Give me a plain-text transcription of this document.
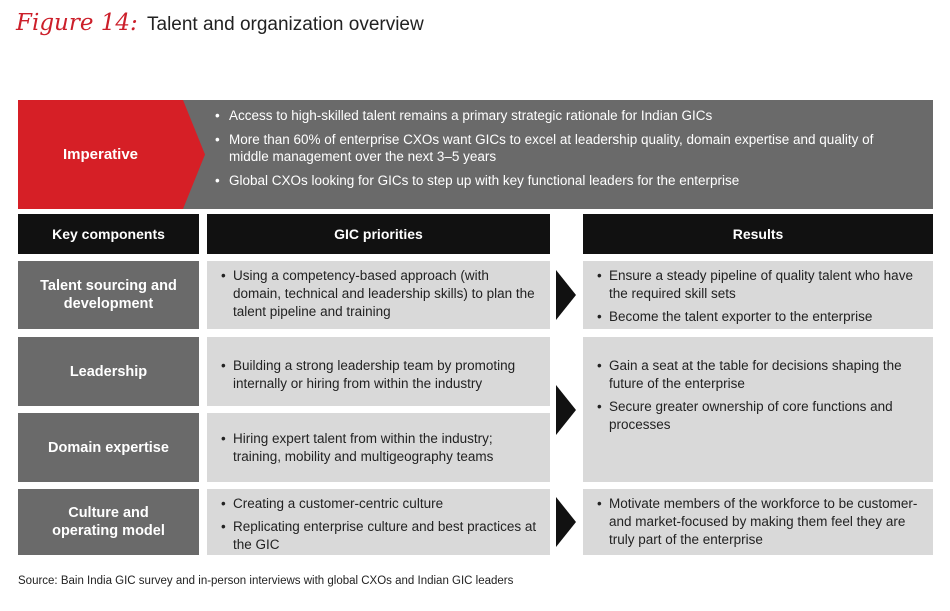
Figure 14: Talent and organization overview
Imperative
• Access to high-skilled talent remains a primary strategic rationale for Indian GICs
• More than 60% of enterprise CXOs want GICs to excel at leadership quality, domain expertise and quality of middle management over the next 3–5 years
• Global CXOs looking for GICs to step up with key functional leaders for the enterprise
Key components	GIC priorities	Results
Talent sourcing and development
• Using a competency-based approach (with domain, technical and leadership skills) to plan the talent pipeline and training
Leadership
•	Building a strong leadership team by promoting internally or hiring from within the industry
Domain expertise
• Hiring expert talent from within the industry; training, mobility and multigeography teams
Culture and operating model
• Creating a customer-centric culture
• Replicating enterprise culture and best practices at the GIC
• Ensure a steady pipeline of quality talent who have the required skill sets
• Become the talent exporter to the enterprise
• Gain a seat at the table for decisions shaping the future of the enterprise
• Secure greater ownership of core functions and processes
• Motivate members of the workforce to be customer- and market-focused by making them feel they are truly part of the enterprise
Source: Bain India GIC survey and in-person interviews with global CXOs and Indian GIC leaders
